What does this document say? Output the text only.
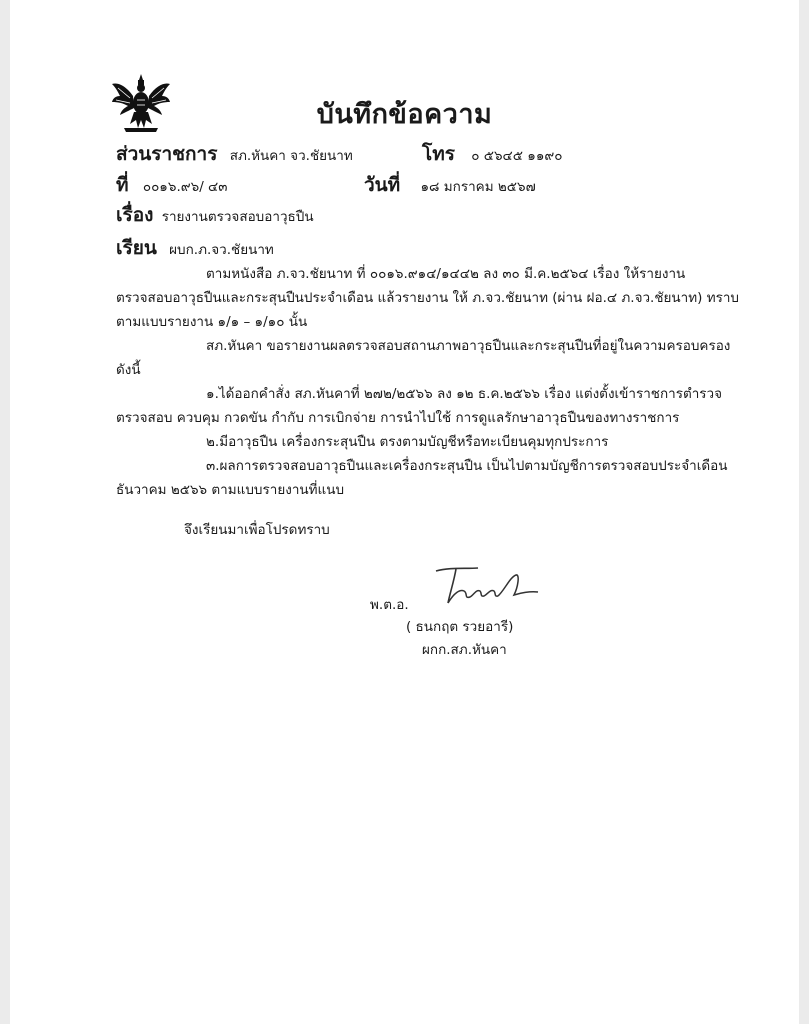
บันทึกข้อความ
ส่วนราชการ สภ.หันคา จว.ชัยนาท	โทร ๐ ๕๖๔๕ ๑๑๙๐
ที่ ๐๐๑๖.๙๖/ ๔๓	วันที่ ๑๘ มกราคม ๒๕๖๗
เรื่อง รายงานตรวจสอบอาวุธปืน
เรียน ผบก.ภ.จว.ชัยนาท
ตามหนังสือ ภ.จว.ชัยนาท ที่ ๐๐๑๖.๙๑๔/๑๔๔๒ ลง ๓๐ มี.ค.๒๕๖๔ เรื่อง ให้รายงาน
ตรวจสอบอาวุธปืนและกระสุนปืนประจำเดือน แล้วรายงาน ให้ ภ.จว.ชัยนาท (ผ่าน ฝอ.๔ ภ.จว.ชัยนาท) ทราบ
ตามแบบรายงาน ๑/๑ – ๑/๑๐ นั้น
สภ.หันคา ขอรายงานผลตรวจสอบสถานภาพอาวุธปืนและกระสุนปืนที่อยู่ในความครอบครอง
ดังนี้
๑.ได้ออกคำสั่ง สภ.หันคาที่ ๒๗๒/๒๕๖๖ ลง ๑๒ ธ.ค.๒๕๖๖ เรื่อง แต่งตั้งเข้าราชการตำรวจ
ตรวจสอบ ควบคุม กวดขัน กำกับ การเบิกจ่าย การนำไปใช้ การดูแลรักษาอาวุธปืนของทางราชการ
๒.มีอาวุธปืน เครื่องกระสุนปืน ตรงตามบัญชีหรือทะเบียนคุมทุกประการ
๓.ผลการตรวจสอบอาวุธปืนและเครื่องกระสุนปืน เป็นไปตามบัญชีการตรวจสอบประจำเดือน
ธันวาคม ๒๕๖๖ ตามแบบรายงานที่แนบ
จึงเรียนมาเพื่อโปรดทราบ
พ.ต.อ.
( ธนกฤต รวยอารี)
ผกก.สภ.หันคา
